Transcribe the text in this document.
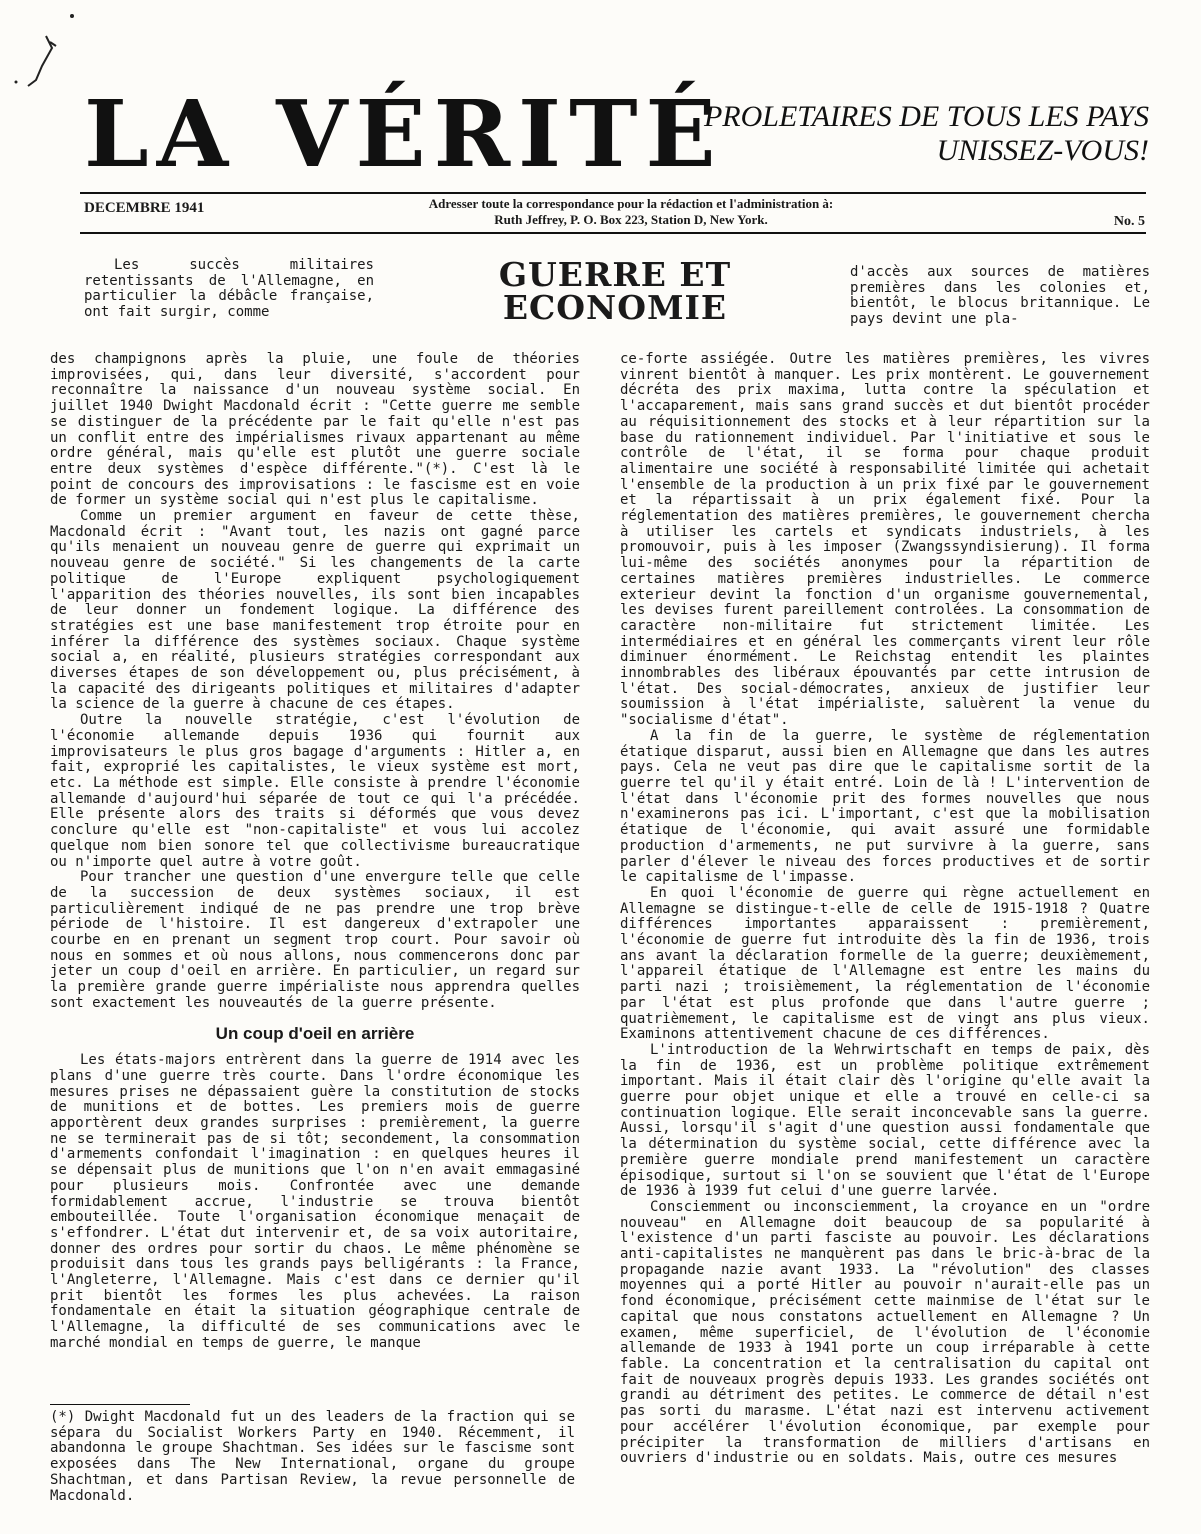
LA VÉRITÉ
PROLETAIRES DE TOUS LES PAYS
UNISSEZ-VOUS!
DECEMBRE 1941	Adresser toute la correspondance pour la rédaction et l'administration à:
Ruth Jeffrey, P. O. Box 223, Station D, New York.	No. 5
GUERRE ET ECONOMIE
Les succès militaires retentissants de l'Allemagne, en particulier la débâcle française, ont fait surgir, comme
d'accès aux sources de matières premières dans les colonies et, bientôt, le blocus britannique. Le pays devint une pla-

des champignons après la pluie, une foule de théories improvisées, qui, dans leur diversité, s'accordent pour reconnaître la naissance d'un nouveau système social. En juillet 1940 Dwight Macdonald écrit : "Cette guerre me semble se distinguer de la précédente par le fait qu'elle n'est pas un conflit entre des impérialismes rivaux appartenant au même ordre général, mais qu'elle est plutôt une guerre sociale entre deux systèmes d'espèce différente."(*). C'est là le point de concours des improvisations : le fascisme est en voie de former un système social qui n'est plus le capitalisme.

Comme un premier argument en faveur de cette thèse, Macdonald écrit : "Avant tout, les nazis ont gagné parce qu'ils menaient un nouveau genre de guerre qui exprimait un nouveau genre de société." Si les changements de la carte politique de l'Europe expliquent psychologiquement l'apparition des théories nouvelles, ils sont bien incapables de leur donner un fondement logique. La différence des stratégies est une base manifestement trop étroite pour en inférer la différence des systèmes sociaux. Chaque système social a, en réalité, plusieurs stratégies correspondant aux diverses étapes de son développement ou, plus précisément, à la capacité des dirigeants politiques et militaires d'adapter la science de la guerre à chacune de ces étapes.

Outre la nouvelle stratégie, c'est l'évolution de l'économie allemande depuis 1936 qui fournit aux improvisateurs le plus gros bagage d'arguments : Hitler a, en fait, exproprié les capitalistes, le vieux système est mort, etc. La méthode est simple. Elle consiste à prendre l'économie allemande d'aujourd'hui séparée de tout ce qui l'a précédée. Elle présente alors des traits si déformés que vous devez conclure qu'elle est "non-capitaliste" et vous lui accolez quelque nom bien sonore tel que collectivisme bureaucratique ou n'importe quel autre à votre goût.

Pour trancher une question d'une envergure telle que celle de la succession de deux systèmes sociaux, il est particulièrement indiqué de ne pas prendre une trop brève période de l'histoire. Il est dangereux d'extrapoler une courbe en en prenant un segment trop court. Pour savoir où nous en sommes et où nous allons, nous commencerons donc par jeter un coup d'oeil en arrière. En particulier, un regard sur la première grande guerre impérialiste nous apprendra quelles sont exactement les nouveautés de la guerre présente.

Un coup d'oeil en arrière

Les états-majors entrèrent dans la guerre de 1914 avec les plans d'une guerre très courte. Dans l'ordre économique les mesures prises ne dépassaient guère la constitution de stocks de munitions et de bottes. Les premiers mois de guerre apportèrent deux grandes surprises : premièrement, la guerre ne se terminerait pas de si tôt; secondement, la consommation d'armements confondait l'imagination : en quelques heures il se dépensait plus de munitions que l'on n'en avait emmagasiné pour plusieurs mois. Confrontée avec une demande formidablement accrue, l'industrie se trouva bientôt embouteillée. Toute l'organisation économique menaçait de s'effondrer. L'état dut intervenir et, de sa voix autoritaire, donner des ordres pour sortir du chaos. Le même phénomène se produisit dans tous les grands pays belligérants : la France, l'Angleterre, l'Allemagne. Mais c'est dans ce dernier qu'il prit bientôt les formes les plus achevées. La raison fondamentale en était la situation géographique centrale de l'Allemagne, la difficulté de ses communications avec le marché mondial en temps de guerre, le manque

ce-forte assiégée. Outre les matières premières, les vivres vinrent bientôt à manquer. Les prix montèrent. Le gouvernement décréta des prix maxima, lutta contre la spéculation et l'accaparement, mais sans grand succès et dut bientôt procéder au réquisitionnement des stocks et à leur répartition sur la base du rationnement individuel. Par l'initiative et sous le contrôle de l'état, il se forma pour chaque produit alimentaire une société à responsabilité limitée qui achetait l'ensemble de la production à un prix fixé par le gouvernement et la répartissait à un prix également fixé. Pour la réglementation des matières premières, le gouvernement chercha à utiliser les cartels et syndicats industriels, à les promouvoir, puis à les imposer (Zwangssyndisierung). Il forma lui-même des sociétés anonymes pour la répartition de certaines matières premières industrielles. Le commerce exterieur devint la fonction d'un organisme gouvernemental, les devises furent pareillement controlées. La consommation de caractère non-militaire fut strictement limitée. Les intermédiaires et en général les commerçants virent leur rôle diminuer énormément. Le Reichstag entendit les plaintes innombrables des libéraux épouvantés par cette intrusion de l'état. Des social-démocrates, anxieux de justifier leur soumission à l'état impérialiste, saluèrent la venue du "socialisme d'état".

A la fin de la guerre, le système de réglementation étatique disparut, aussi bien en Allemagne que dans les autres pays. Cela ne veut pas dire que le capitalisme sortit de la guerre tel qu'il y était entré. Loin de là ! L'intervention de l'état dans l'économie prit des formes nouvelles que nous n'examinerons pas ici. L'important, c'est que la mobilisation étatique de l'économie, qui avait assuré une formidable production d'armements, ne put survivre à la guerre, sans parler d'élever le niveau des forces productives et de sortir le capitalisme de l'impasse.

En quoi l'économie de guerre qui règne actuellement en Allemagne se distingue-t-elle de celle de 1915-1918 ? Quatre différences importantes apparaissent : premièrement, l'économie de guerre fut introduite dès la fin de 1936, trois ans avant la déclaration formelle de la guerre; deuxièmement, l'appareil étatique de l'Allemagne est entre les mains du parti nazi ; troisièmement, la réglementation de l'économie par l'état est plus profonde que dans l'autre guerre ; quatrièmement, le capitalisme est de vingt ans plus vieux. Examinons attentivement chacune de ces différences.

L'introduction de la Wehrwirtschaft en temps de paix, dès la fin de 1936, est un problème politique extrêmement important. Mais il était clair dès l'origine qu'elle avait la guerre pour objet unique et elle a trouvé en celle-ci sa continuation logique. Elle serait inconcevable sans la guerre. Aussi, lorsqu'il s'agit d'une question aussi fondamentale que la détermination du système social, cette différence avec la première guerre mondiale prend manifestement un caractère épisodique, surtout si l'on se souvient que l'état de l'Europe de 1936 à 1939 fut celui d'une guerre larvée.

Consciemment ou inconsciemment, la croyance en un "ordre nouveau" en Allemagne doit beaucoup de sa popularité à l'existence d'un parti fasciste au pouvoir. Les déclarations anti-capitalistes ne manquèrent pas dans le bric-à-brac de la propagande nazie avant 1933. La "révolution" des classes moyennes qui a porté Hitler au pouvoir n'aurait-elle pas un fond économique, précisément cette mainmise de l'état sur le capital que nous constatons actuellement en Allemagne ? Un examen, même superficiel, de l'évolution de l'économie allemande de 1933 à 1941 porte un coup irréparable à cette fable. La concentration et la centralisation du capital ont fait de nouveaux progrès depuis 1933. Les grandes sociétés ont grandi au détriment des petites. Le commerce de détail n'est pas sorti du marasme. L'état nazi est intervenu activement pour accélérer l'évolution économique, par exemple pour précipiter la transformation de milliers d'artisans en ouvriers d'industrie ou en soldats. Mais, outre ces mesures

(*) Dwight Macdonald fut un des leaders de la fraction qui se sépara du Socialist Workers Party en 1940. Récemment, il abandonna le groupe Shachtman. Ses idées sur le fascisme sont exposées dans The New International, organe du groupe Shachtman, et dans Partisan Review, la revue personnelle de Macdonald.
